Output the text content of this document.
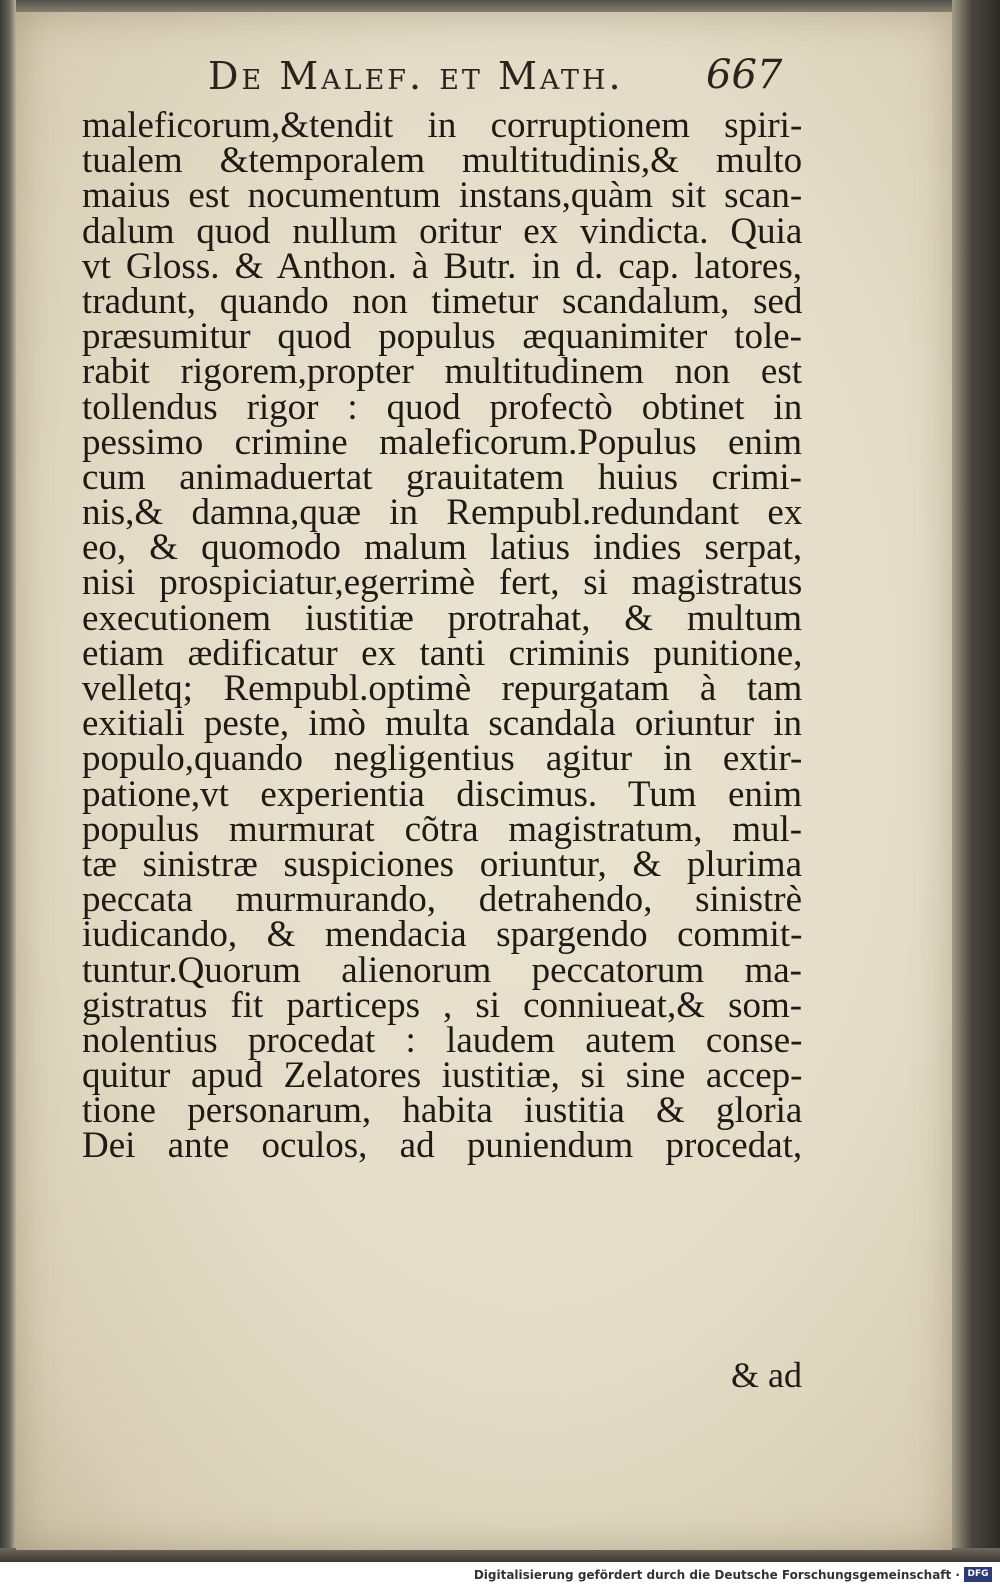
De Malef. et Math. 667
maleficorum,&tendit in corruptionem spiri-
tualem &temporalem multitudinis,& multo
maius est nocumentum instans,quàm sit scan-
dalum quod nullum oritur ex vindicta. Quia
vt Gloss. & Anthon. à Butr. in d. cap. latores,
tradunt, quando non timetur scandalum, sed
præsumitur quod populus æquanimiter tole-
rabit rigorem,propter multitudinem non est
tollendus rigor : quod profectò obtinet in
pessimo crimine maleficorum.Populus enim
cum animaduertat grauitatem huius crimi-
nis,& damna,quæ in Rempubl.redundant ex
eo, & quomodo malum latius indies serpat,
nisi prospiciatur,egerrimè fert, si magistratus
executionem iustitiæ protrahat, & multum
etiam ædificatur ex tanti criminis punitione,
velletq; Rempubl.optimè repurgatam à tam
exitiali peste, imò multa scandala oriuntur in
populo,quando negligentius agitur in extir-
patione,vt experientia discimus. Tum enim
populus murmurat cõtra magistratum, mul-
tæ sinistræ suspiciones oriuntur, & plurima
peccata murmurando, detrahendo, sinistrè
iudicando, & mendacia spargendo commit-
tuntur.Quorum alienorum peccatorum ma-
gistratus fit particeps , si conniueat,& som-
nolentius procedat : laudem autem conse-
quitur apud Zelatores iustitiæ, si sine accep-
tione personarum, habita iustitia & gloria
Dei ante oculos, ad puniendum procedat,
& ad
Digitalisierung gefördert durch die Deutsche Forschungsgemeinschaft · DFG
